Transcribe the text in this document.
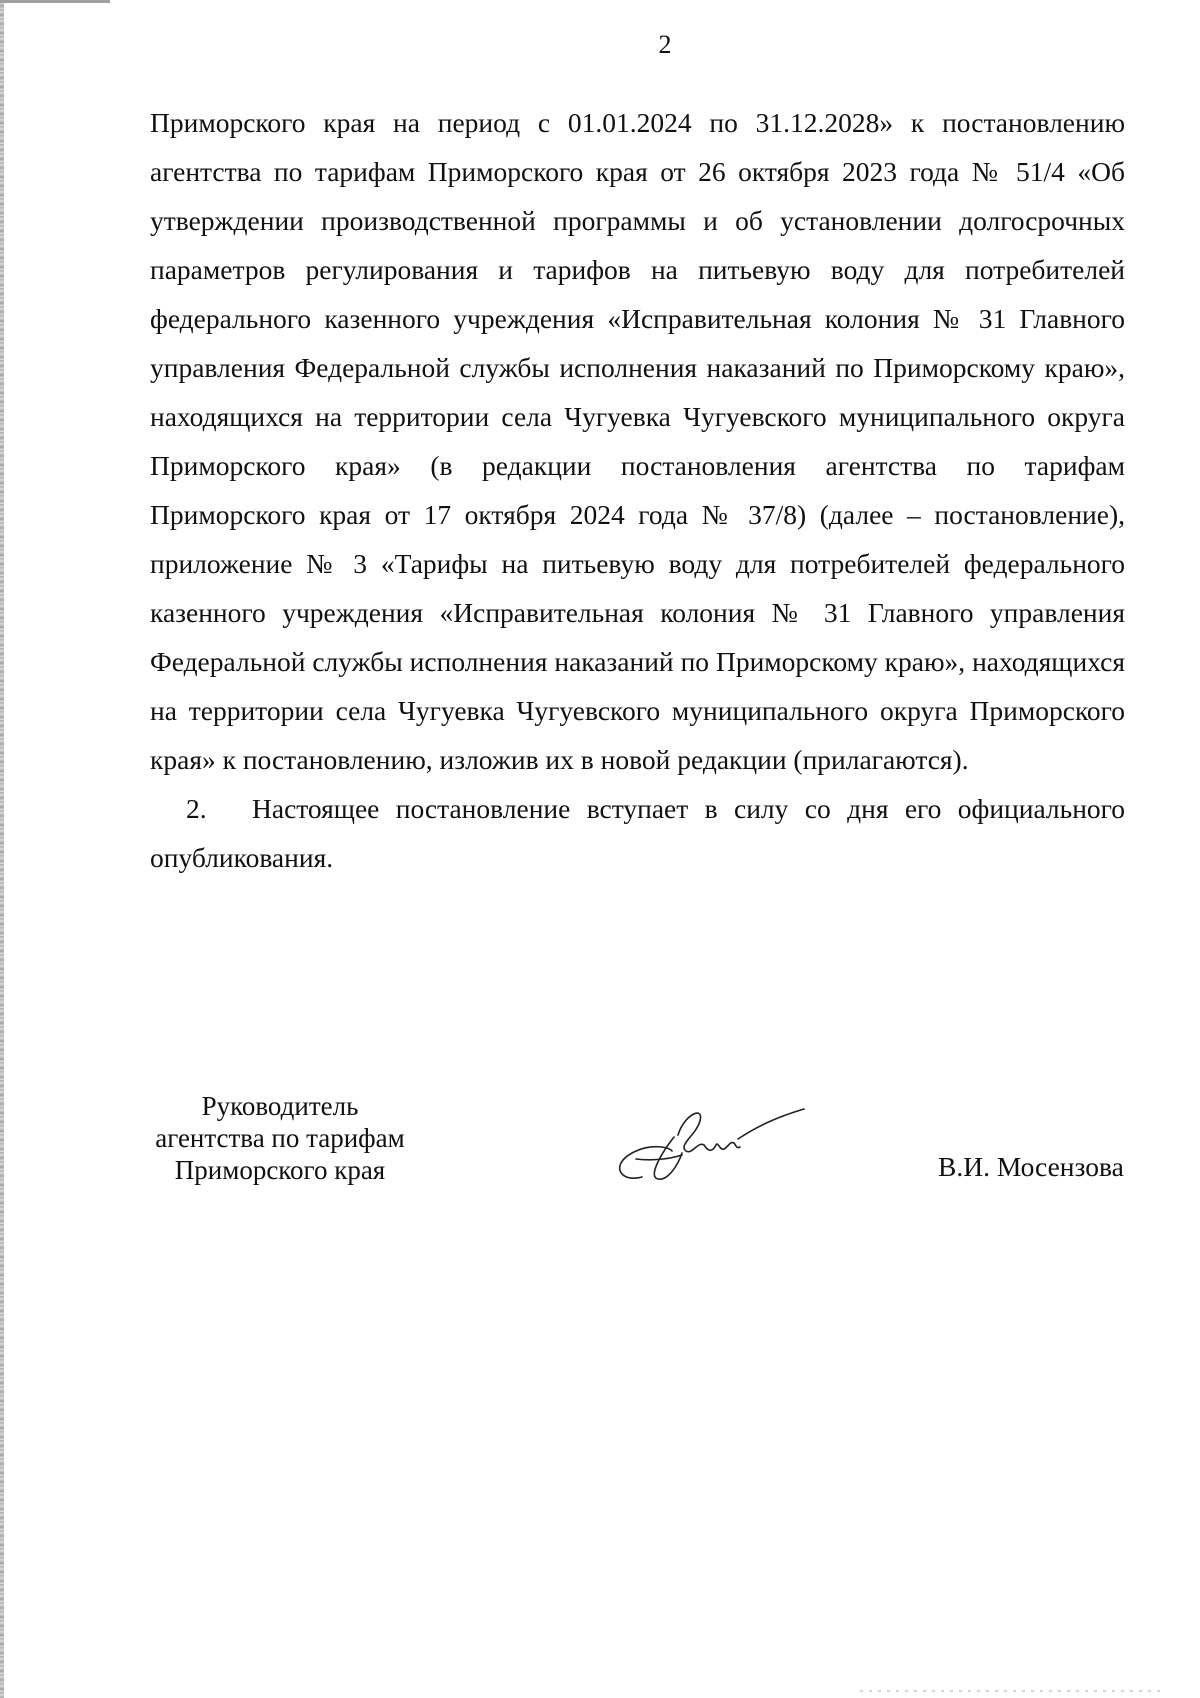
2

Приморского края на период с 01.01.2024 по 31.12.2028» к постановлению агентства по тарифам Приморского края от 26 октября 2023 года № 51/4 «Об утверждении производственной программы и об установлении долгосрочных параметров регулирования и тарифов на питьевую воду для потребителей федерального казенного учреждения «Исправительная колония № 31 Главного управления Федеральной службы исполнения наказаний по Приморскому краю», находящихся на территории села Чугуевка Чугуевского муниципального округа Приморского края» (в редакции постановления агентства по тарифам Приморского края от 17 октября 2024 года № 37/8) (далее – постановление), приложение № 3 «Тарифы на питьевую воду для потребителей федерального казенного учреждения «Исправительная колония № 31 Главного управления Федеральной службы исполнения наказаний по Приморскому краю», находящихся на территории села Чугуевка Чугуевского муниципального округа Приморского края» к постановлению, изложив их в новой редакции (прилагаются).

2. Настоящее постановление вступает в силу со дня его официального опубликования.

Руководитель
агентства по тарифам
Приморского края	В.И. Мосензова
